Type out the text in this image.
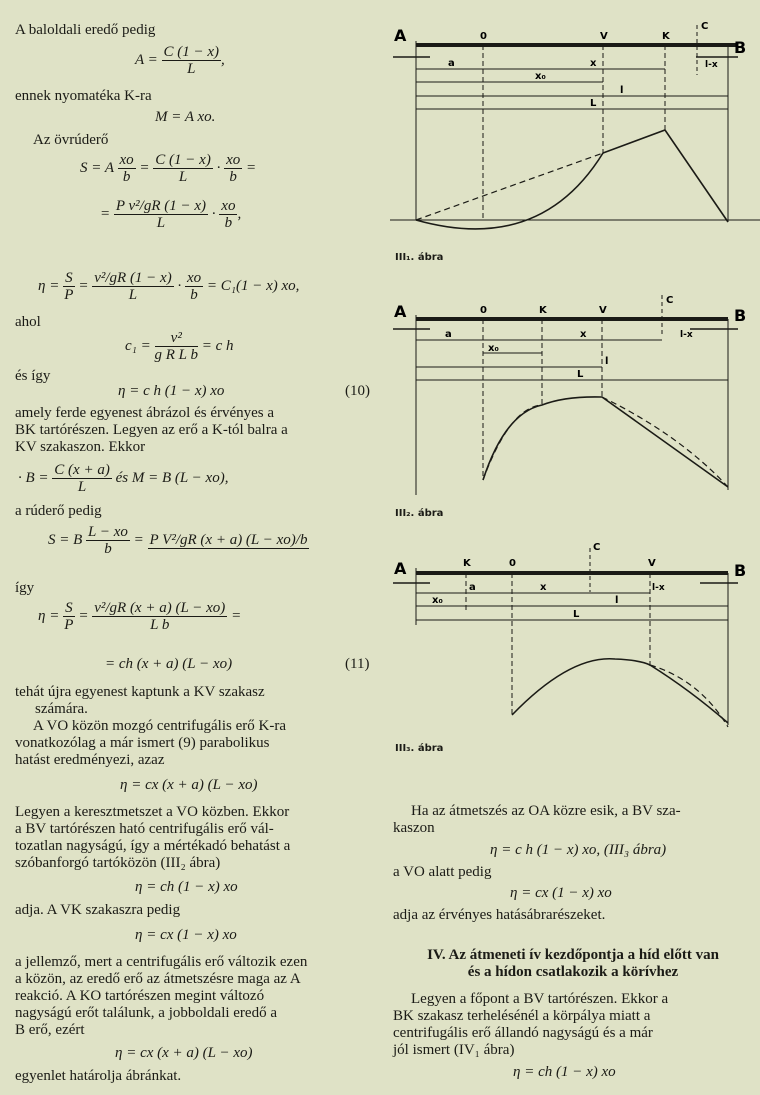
A baloldali eredő pedig
$A = \frac{C (1 - x)}{L}$ ,
ennek nyomatéka K-ra
M = A xo.
Az övrúderő
S = A $\frac{xo}{b} = \frac{C (1 - x)}{L} \cdot \frac{xo}{b}$ =
= $\frac{\text{P v²/gR (1 − x)}}{L} \cdot \frac{xo}{b}$ ,
$\eta = \frac{S}{P} = \frac{\text{v²/gR (1 − x)}}{L} \cdot \frac{xo}{b} = C_1(1 - x)$ xo,
ahol
$c_1 = \frac{\text{v²}}{\text{g R L b}} = c$ h
és így
η = c h (1 − x) xo	(10)
amely ferde egyenest ábrázol és érvényes a
BK tartórészen. Legyen az erő a K-tól balra a
KV szakaszon. Ekkor
· $B = \frac{C (x + a)}{L}$ és M = B (L − xo),
a rúderő pedig
S = B $\frac{L - xo}{b} = P$ V²/gR (x + a) (L − xo)/b
így
$\eta = \frac{S}{P} = \frac{\text{v²/gR (x + a) (L − xo)}}{\text{L b}}$ =
= ch (x + a) (L − xo)	(11)
tehát újra egyenest kaptunk a KV szakasz
számára.
A VO közön mozgó centrifugális erő K-ra
vonatkozólag a már ismert (9) parabolikus
hatást eredményezi, azaz
η = cx (x + a) (L − xo)
Legyen a keresztmetszet a VO közben. Ekkor
a BV tartórészen ható centrifugális erő vál-
tozatlan nagyságú, így a mértékadó behatást a
szóbanforgó tartóközön (III₂ ábra)
η = ch (1 − x) xo
adja. A VK szakaszra pedig
η = cx (1 − x) xo
a jellemző, mert a centrifugális erő változik ezen
a közön, az eredő erő az átmetszésre maga az A
reakció. A KO tartórészen megint változó
nagyságú erőt találunk, a jobboldali eredő a
B erő, ezért
η = cx (x + a) (L − xo)
egyenlet határolja ábránkat.
A
B
0	V	K
C
a	x
x₀
l
L
l-x
III₁. ábra
A	B
0	K	V
C
a	x
x₀
l
L
l-x
III₂. ábra
A	B
K	0
C
V
a	x
x₀	l
L
l-x
III₃. ábra
Ha az átmetszés az OA közre esik, a BV sza-
kaszon
η = c h (1 − x) xo, (III₃ ábra)
a VO alatt pedig
η = cx (1 − x) xo
adja az érvényes hatásábrarészeket.
IV. Az átmeneti ív kezdőpontja a híd előtt van
és a hídon csatlakozik a körívhez
Legyen a főpont a BV tartórészen. Ekkor a
BK szakasz terhelésénél a körpálya miatt a
centrifugális erő állandó nagyságú és a már
jól ismert (IV₁ ábra)
η = ch (1 − x) xo
